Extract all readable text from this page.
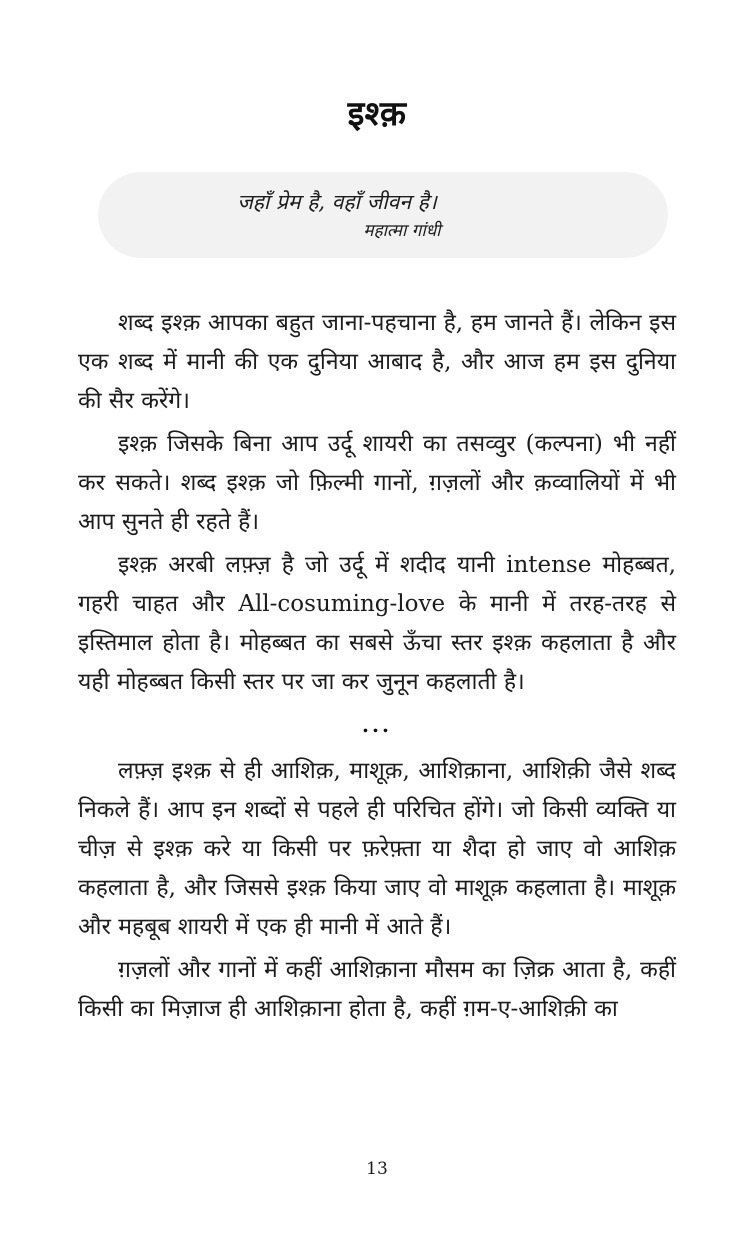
इश्क़
जहाँ प्रेम है, वहाँ जीवन है।
महात्मा गांधी

शब्द इश्क़ आपका बहुत जाना-पहचाना है, हम जानते हैं। लेकिन इस एक शब्द में मानी की एक दुनिया आबाद है, और आज हम इस दुनिया की सैर करेंगे।

इश्क़ जिसके बिना आप उर्दू शायरी का तसव्वुर (कल्पना) भी नहीं कर सकते। शब्द इश्क़ जो फ़िल्मी गानों, ग़ज़लों और क़व्वालियों में भी आप सुनते ही रहते हैं।

इश्क़ अरबी लफ़्ज़ है जो उर्दू में शदीद यानी intense मोहब्बत, गहरी चाहत और All-cosuming-love के मानी में तरह-तरह से इस्तिमाल होता है। मोहब्बत का सबसे ऊँचा स्तर इश्क़ कहलाता है और यही मोहब्बत किसी स्तर पर जा कर जुनून कहलाती है।

...

लफ़्ज़ इश्क़ से ही आशिक़, माशूक़, आशिक़ाना, आशिक़ी जैसे शब्द निकले हैं। आप इन शब्दों से पहले ही परिचित होंगे। जो किसी व्यक्ति या चीज़ से इश्क़ करे या किसी पर फ़रेफ़्ता या शैदा हो जाए वो आशिक़ कहलाता है, और जिससे इश्क़ किया जाए वो माशूक़ कहलाता है। माशूक़ और महबूब शायरी में एक ही मानी में आते हैं।

ग़ज़लों और गानों में कहीं आशिक़ाना मौसम का ज़िक्र आता है, कहीं किसी का मिज़ाज ही आशिक़ाना होता है, कहीं ग़म-ए-आशिक़ी का

13
